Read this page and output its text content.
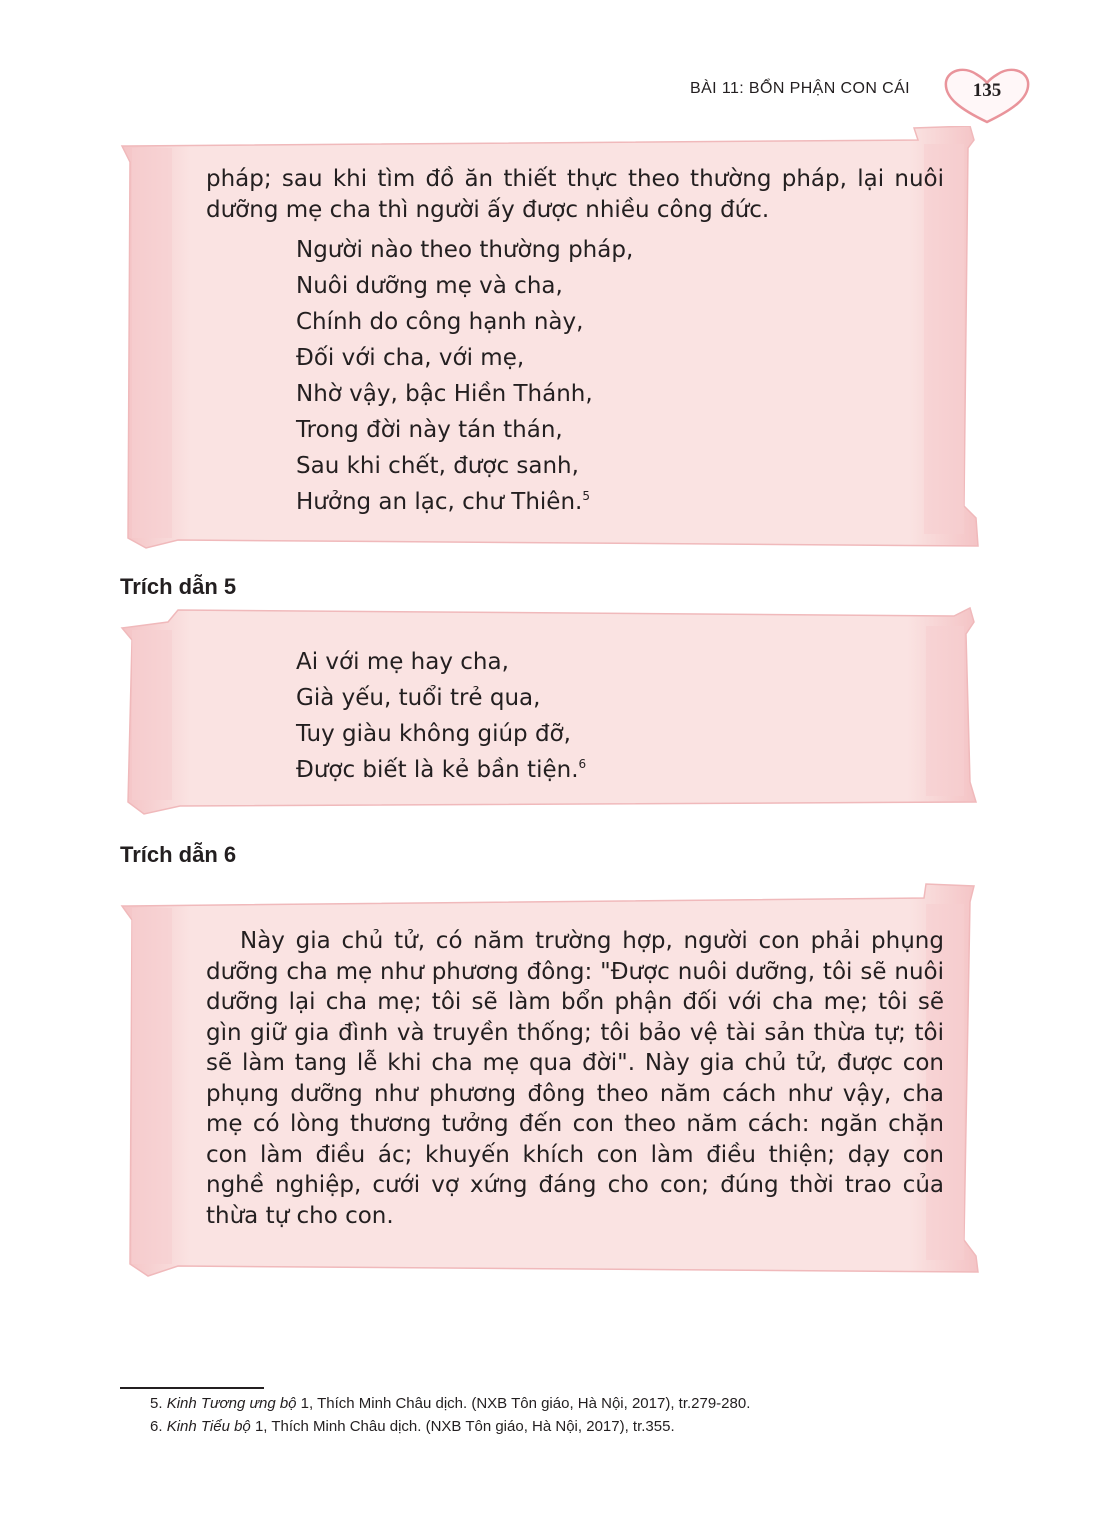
BÀI 11: BỔN PHẬN CON CÁI	135

pháp; sau khi tìm đồ ăn thiết thực theo thường pháp, lại nuôi dưỡng mẹ cha thì người ấy được nhiều công đức.

Người nào theo thường pháp,
Nuôi dưỡng mẹ và cha,
Chính do công hạnh này,
Đối với cha, với mẹ,
Nhờ vậy, bậc Hiền Thánh,
Trong đời này tán thán,
Sau khi chết, được sanh,
Hưởng an lạc, chư Thiên.$^5$
Trích dẫn 5
Ai với mẹ hay cha,
Già yếu, tuổi trẻ qua,
Tuy giàu không giúp đỡ,
Được biết là kẻ bần tiện.$^6$
Trích dẫn 6

Này gia chủ tử, có năm trường hợp, người con phải phụng dưỡng cha mẹ như phương đông: "Được nuôi dưỡng, tôi sẽ nuôi dưỡng lại cha mẹ; tôi sẽ làm bổn phận đối với cha mẹ; tôi sẽ gìn giữ gia đình và truyền thống; tôi bảo vệ tài sản thừa tự; tôi sẽ làm tang lễ khi cha mẹ qua đời". Này gia chủ tử, được con phụng dưỡng như phương đông theo năm cách như vậy, cha mẹ có lòng thương tưởng đến con theo năm cách: ngăn chặn con làm điều ác; khuyến khích con làm điều thiện; dạy con nghề nghiệp, cưới vợ xứng đáng cho con; đúng thời trao của thừa tự cho con.

5. Kinh Tương ưng bộ 1, Thích Minh Châu dịch. (NXB Tôn giáo, Hà Nội, 2017), tr.279-280.
6. Kinh Tiểu bộ 1, Thích Minh Châu dịch. (NXB Tôn giáo, Hà Nội, 2017), tr.355.
